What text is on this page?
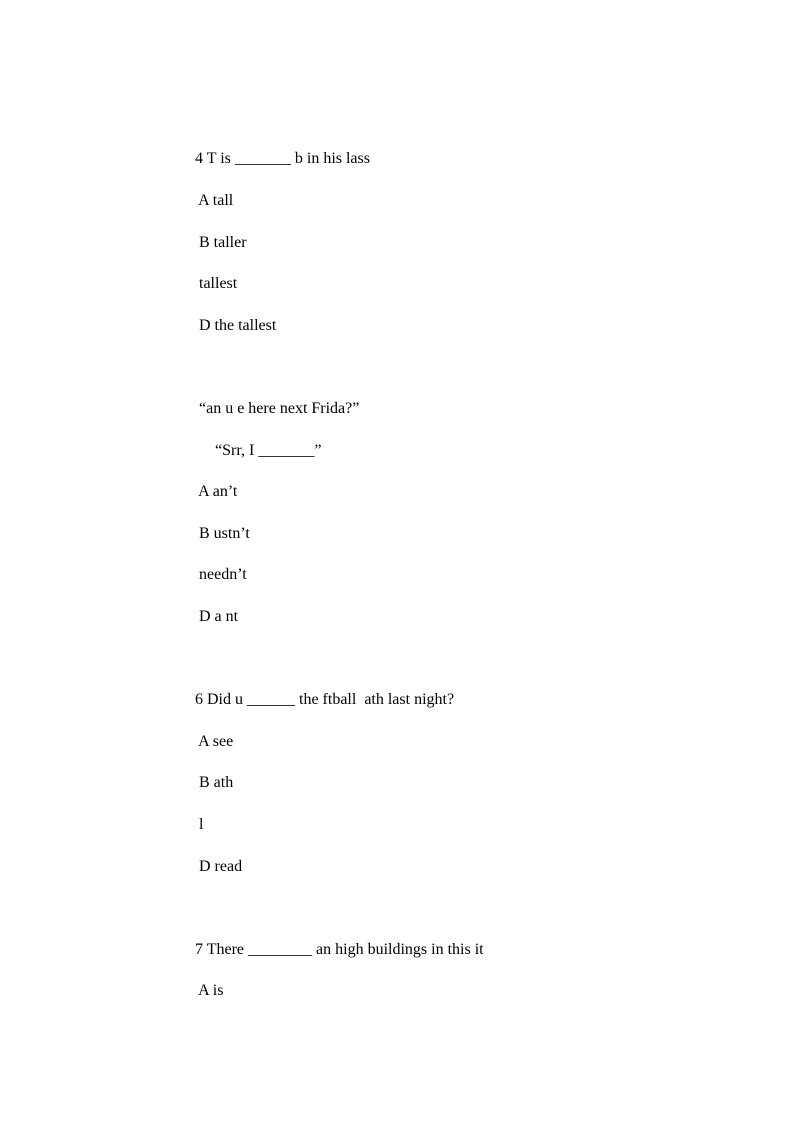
4 T is _______ b in his lass

A tall

B taller

tallest

D the tallest

“an u e here next Frida?”

“Srr, I _______”

A an’t

B ustn’t

needn’t

D a nt

6 Did u ______ the ftball  ath last night?

A see

B ath

l

D read

7 There ________ an high buildings in this it

A is
